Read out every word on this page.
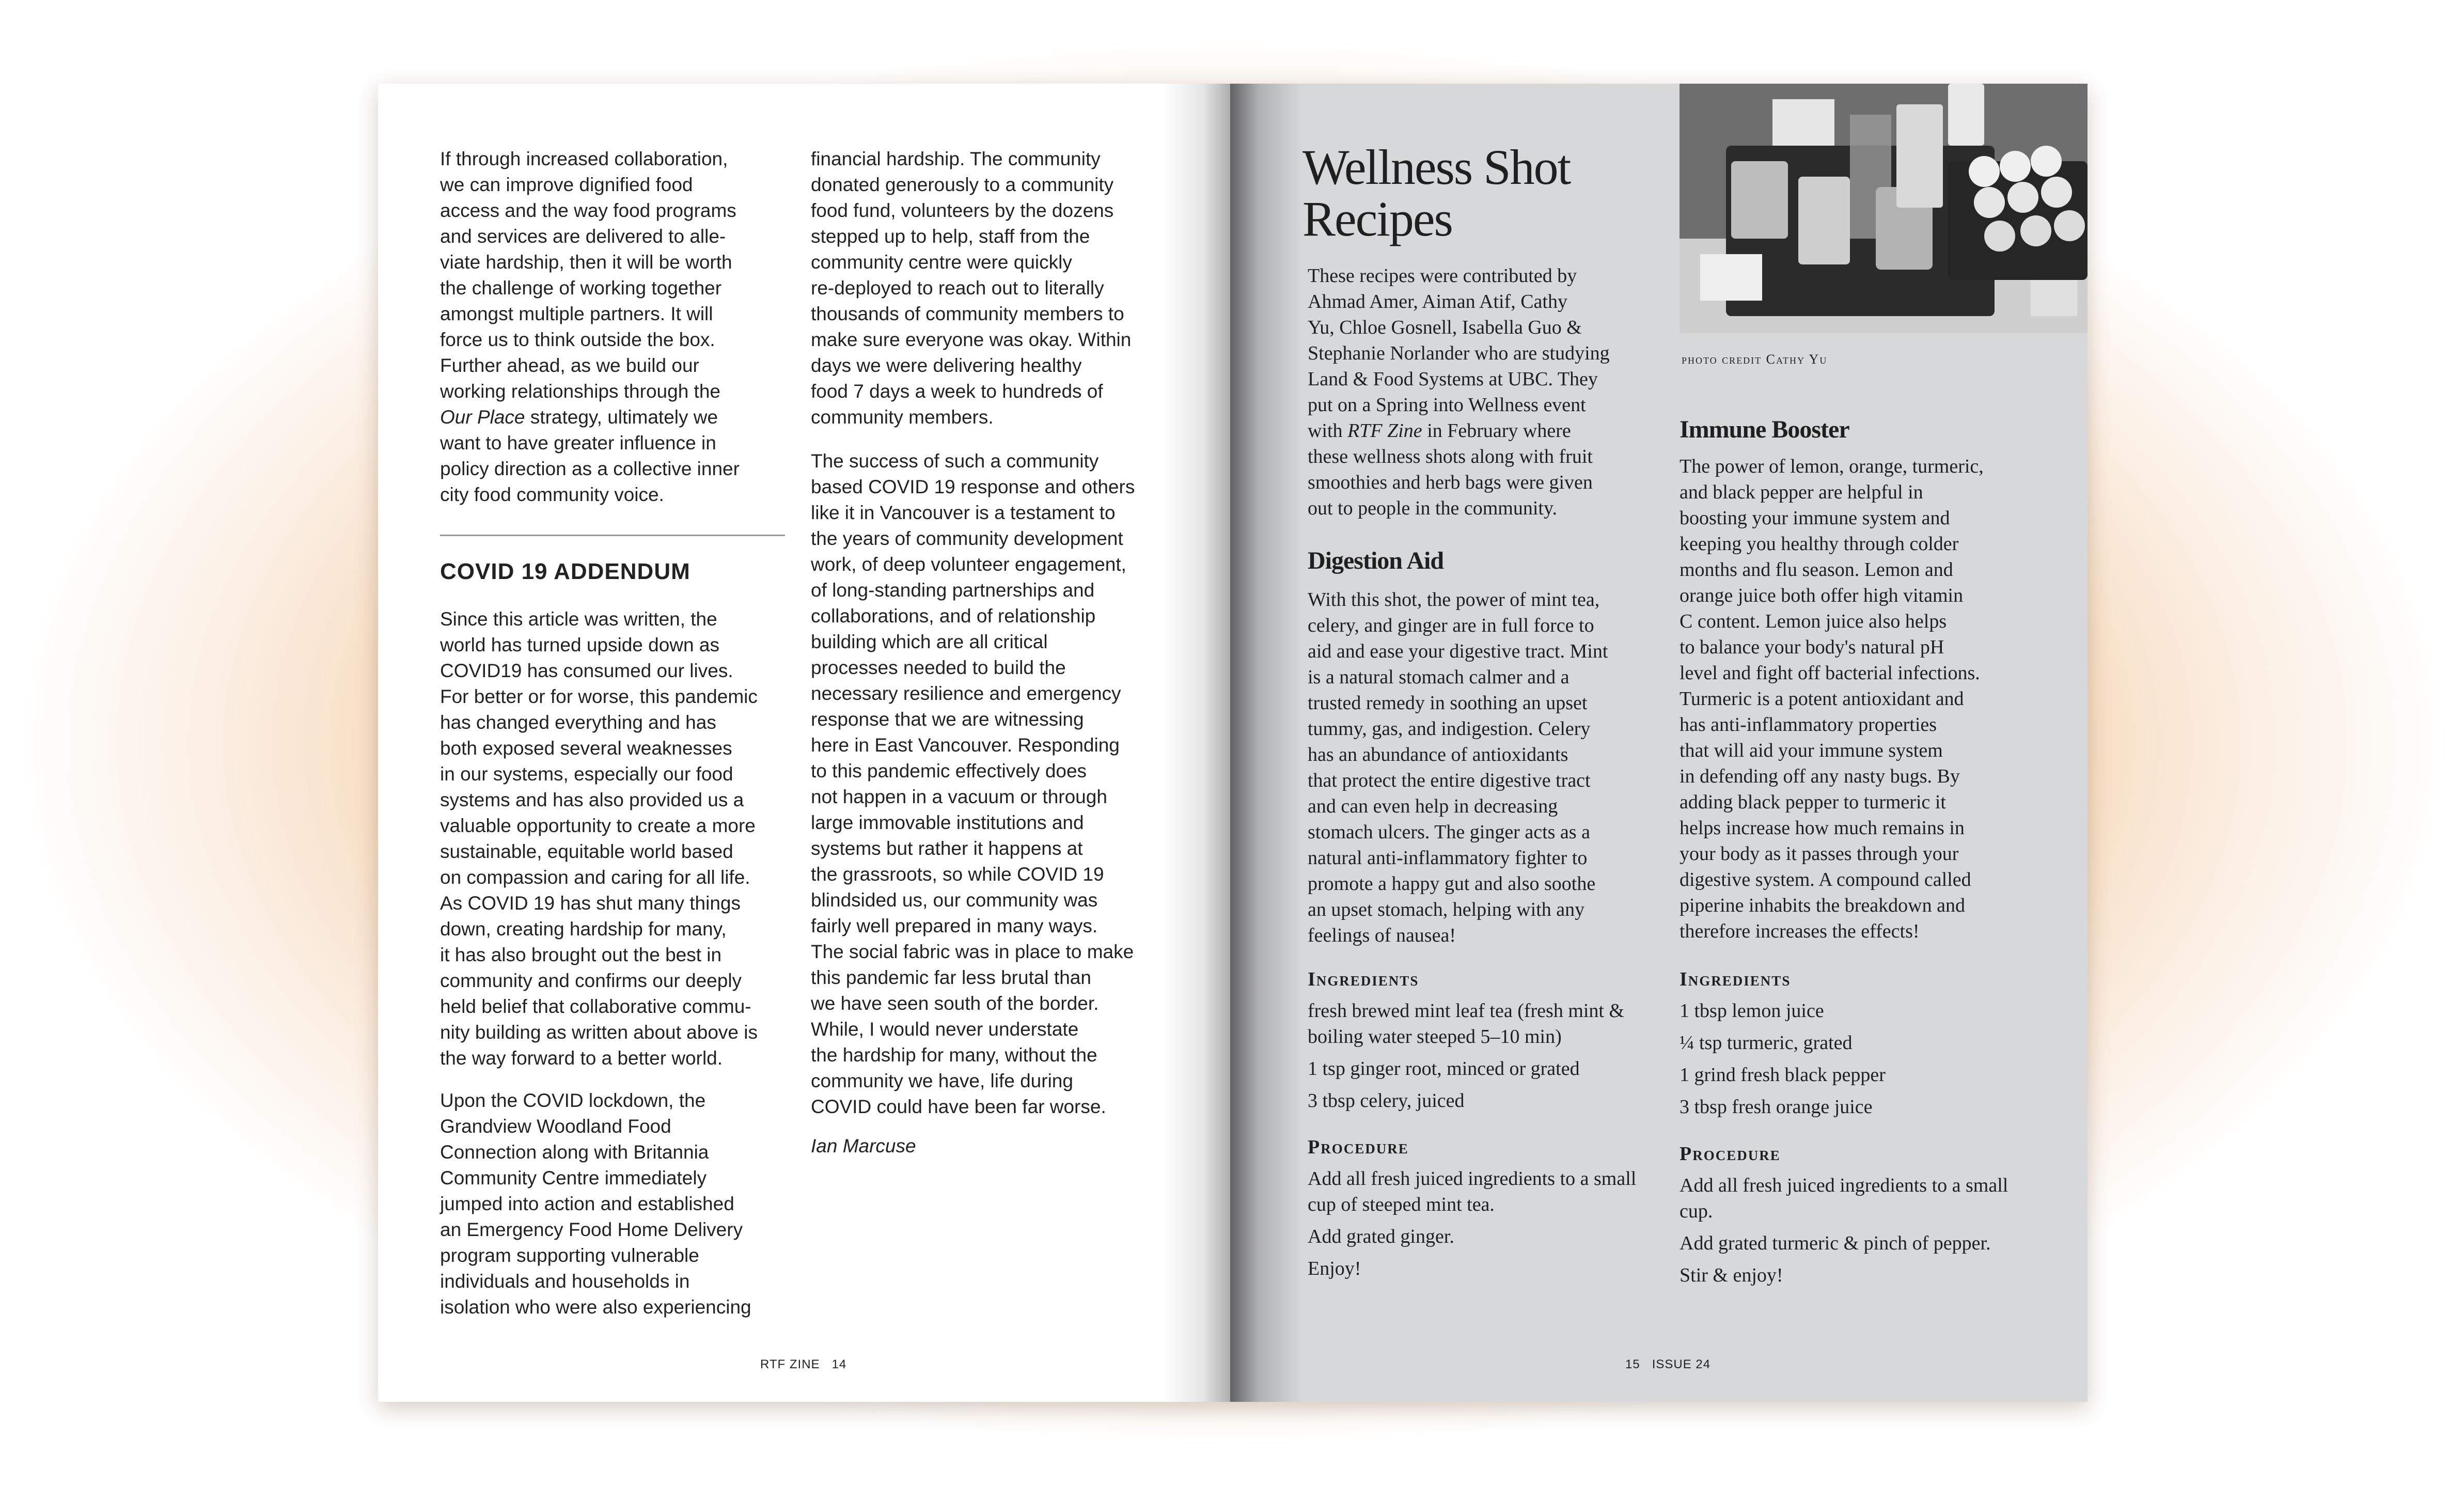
If through increased collaboration,
we can improve dignified food
access and the way food programs
and services are delivered to alle-
viate hardship, then it will be worth
the challenge of working together
amongst multiple partners. It will
force us to think outside the box.
Further ahead, as we build our
working relationships through the
Our Place strategy, ultimately we
want to have greater influence in
policy direction as a collective inner
city food community voice.

COVID 19 ADDENDUM

Since this article was written, the
world has turned upside down as
COVID19 has consumed our lives.
For better or for worse, this pandemic
has changed everything and has
both exposed several weaknesses
in our systems, especially our food
systems and has also provided us a
valuable opportunity to create a more
sustainable, equitable world based
on compassion and caring for all life.
As COVID 19 has shut many things
down, creating hardship for many,
it has also brought out the best in
community and confirms our deeply
held belief that collaborative commu-
nity building as written about above is
the way forward to a better world.

Upon the COVID lockdown, the
Grandview Woodland Food
Connection along with Britannia
Community Centre immediately
jumped into action and established
an Emergency Food Home Delivery
program supporting vulnerable
individuals and households in
isolation who were also experiencing

financial hardship. The community
donated generously to a community
food fund, volunteers by the dozens
stepped up to help, staff from the
community centre were quickly
re-deployed to reach out to literally
thousands of community members to
make sure everyone was okay. Within
days we were delivering healthy
food 7 days a week to hundreds of
community members.

The success of such a community
based COVID 19 response and others
like it in Vancouver is a testament to
the years of community development
work, of deep volunteer engagement,
of long-standing partnerships and
collaborations, and of relationship
building which are all critical
processes needed to build the
necessary resilience and emergency
response that we are witnessing
here in East Vancouver. Responding
to this pandemic effectively does
not happen in a vacuum or through
large immovable institutions and
systems but rather it happens at
the grassroots, so while COVID 19
blindsided us, our community was
fairly well prepared in many ways.
The social fabric was in place to make
this pandemic far less brutal than
we have seen south of the border.
While, I would never understate
the hardship for many, without the
community we have, life during
COVID could have been far worse.

Ian Marcuse
RTF ZINE 14
Wellness Shot
Recipes

These recipes were contributed by
Ahmad Amer, Aiman Atif, Cathy
Yu, Chloe Gosnell, Isabella Guo &
Stephanie Norlander who are studying
Land & Food Systems at UBC. They
put on a Spring into Wellness event
with RTF Zine in February where
these wellness shots along with fruit
smoothies and herb bags were given
out to people in the community.

Digestion Aid

With this shot, the power of mint tea,
celery, and ginger are in full force to
aid and ease your digestive tract. Mint
is a natural stomach calmer and a
trusted remedy in soothing an upset
tummy, gas, and indigestion. Celery
has an abundance of antioxidants
that protect the entire digestive tract
and can even help in decreasing
stomach ulcers. The ginger acts as a
natural anti-inflammatory fighter to
promote a happy gut and also soothe
an upset stomach, helping with any
feelings of nausea!

Ingredients
fresh brewed mint leaf tea (fresh mint & boiling water steeped 5–10 min)
1 tsp ginger root, minced or grated
3 tbsp celery, juiced
Procedure
Add all fresh juiced ingredients to a small cup of steeped mint tea.
Add grated ginger.
Enjoy!
photo credit Cathy Yu
Immune Booster

The power of lemon, orange, turmeric,
and black pepper are helpful in
boosting your immune system and
keeping you healthy through colder
months and flu season. Lemon and
orange juice both offer high vitamin
C content. Lemon juice also helps
to balance your body's natural pH
level and fight off bacterial infections.
Turmeric is a potent antioxidant and
has anti-inflammatory properties
that will aid your immune system
in defending off any nasty bugs. By
adding black pepper to turmeric it
helps increase how much remains in
your body as it passes through your
digestive system. A compound called
piperine inhabits the breakdown and
therefore increases the effects!

Ingredients
1 tbsp lemon juice
¼ tsp turmeric, grated
1 grind fresh black pepper
3 tbsp fresh orange juice
Procedure
Add all fresh juiced ingredients to a small cup.
Add grated turmeric & pinch of pepper.
Stir & enjoy!
15 ISSUE 24
